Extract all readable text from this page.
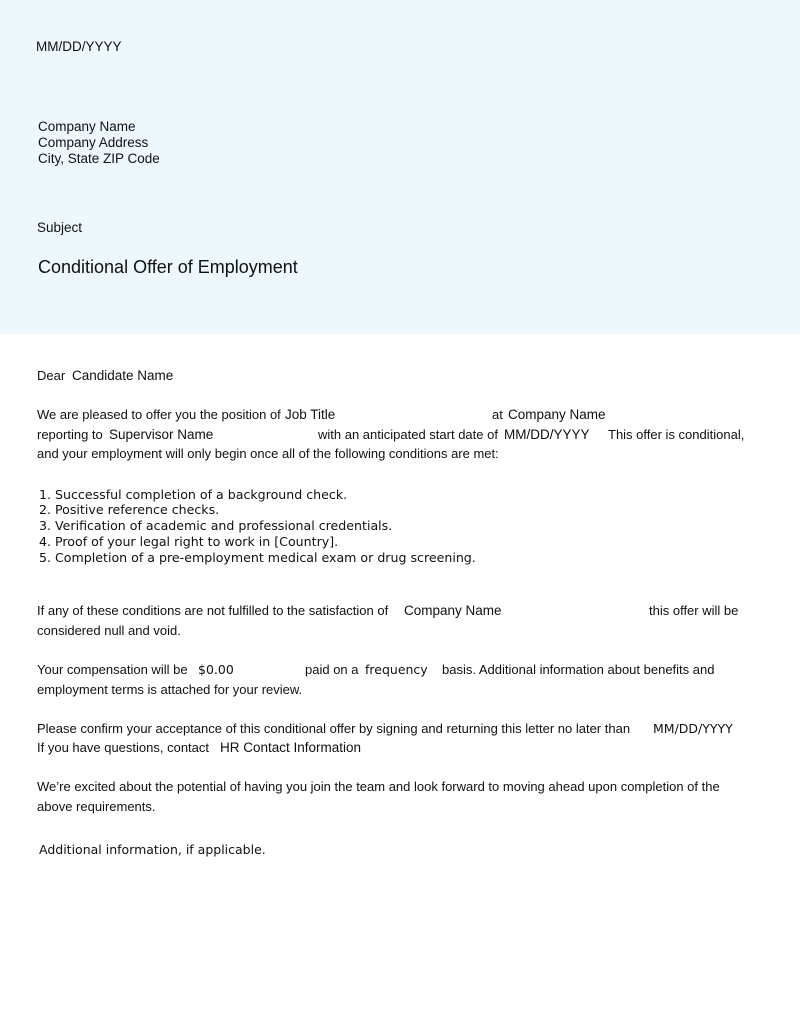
MM/DD/YYYY
Company Name
Company Address
City, State ZIP Code
Subject
Conditional Offer of Employment
Dear Candidate Name
We are pleased to offer you the position of Job Title	at Company Name
reporting to Supervisor Name	with an anticipated start date of MM/DD/YYYY This offer is conditional,
and your employment will only begin once all of the following conditions are met:
1. Successful completion of a background check.
2. Positive reference checks.
3. Verification of academic and professional credentials.
4. Proof of your legal right to work in [Country].
5. Completion of a pre-employment medical exam or drug screening.
If any of these conditions are not fulfilled to the satisfaction of Company Name	this offer will be
considered null and void.
Your compensation will be $0.00	paid on a frequency basis. Additional information about benefits and
employment terms is attached for your review.
Please confirm your acceptance of this conditional offer by signing and returning this letter no later than MM/DD/YYYY
If you have questions, contact HR Contact Information
We’re excited about the potential of having you join the team and look forward to moving ahead upon completion of the
above requirements.
Additional information, if applicable.
